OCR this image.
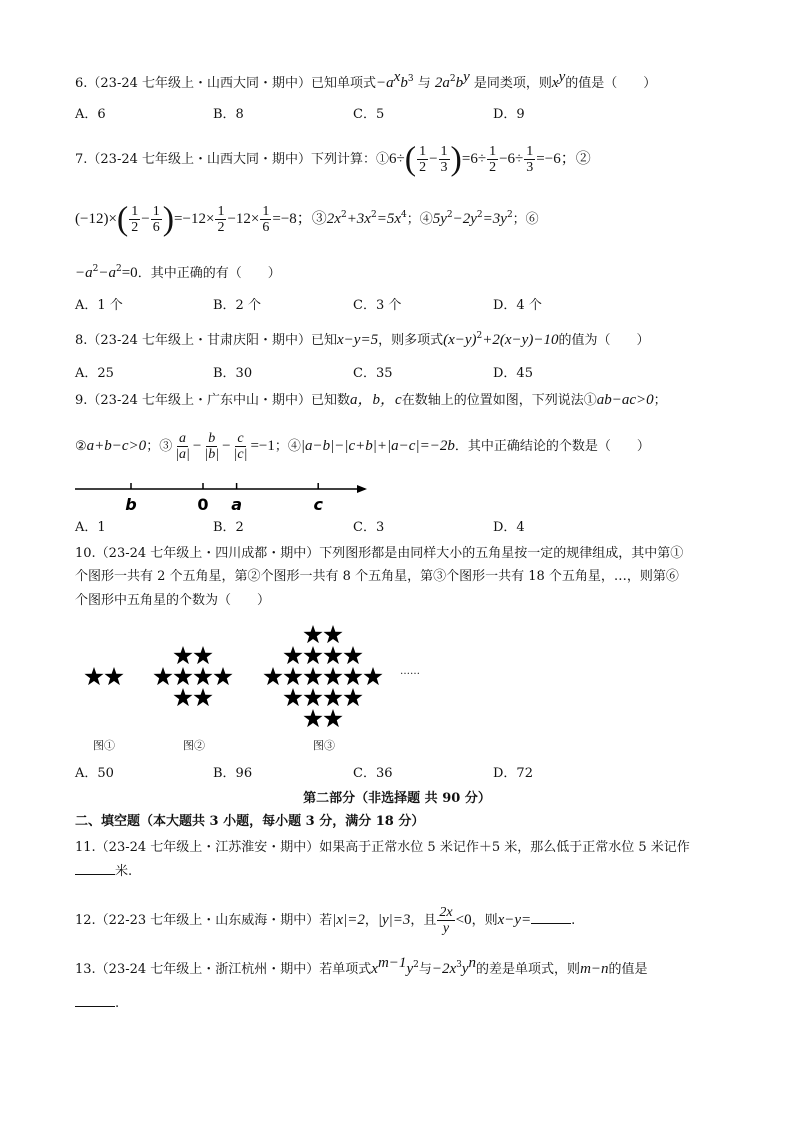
6.（23-24 七年级上・山西大同・期中）已知单项式$-a^xb^3$ 与 $2a^2b^y$ 是同类项，则$x^y$的值是（　　）
A．6	B．8	C．5	D．9
7.（23-24 七年级上・山西大同・期中）下列计算：①6÷( $\frac{1}{2} - \frac{1}{3} )=6\div \frac{1}{2} -6\div \frac{1}{3} =-6$；②
$(-12)\times( \frac{1}{2} - \frac{1}{6} )=-12\times \frac{1}{2} -12\times \frac{1}{6} =-8$；$③2x^2+3x^2=5x^4$；$④5y^2-2y^2=3y^2$；⑥
$-a^2-a^2=0$．其中正确的有（　　）
A．1 个	B．2 个	C．3 个	D．4 个
8.（23-24 七年级上・甘肃庆阳・期中）已知x−y=5，则多项式$(x-y)^2+2(x-y)-10$的值为（　　）
A．25	B．30	C．35	D．45
9.（23-24 七年级上・广东中山・期中）已知数a，b，c在数轴上的位置如图，下列说法①ab−ac>0；
②a+b−c>0；③ $\frac{a}{|a|} - \frac{b}{|b|} - \frac{c}{|c|} =-1$；④|a−b|−|c+b|+|a−c|=−2b．其中正确结论的个数是（　　）
b	0 a	c
A．1	B．2	C．3	D．4
10.（23-24 七年级上・四川成都・期中）下列图形都是由同样大小的五角星按一定的规律组成，其中第①
个图形一共有 2 个五角星，第②个图形一共有 8 个五角星，第③个图形一共有 18 个五角星，…，则第⑥
个图形中五角星的个数为（　　）
……
图①	图②	图③
A．50	B．96	C．36	D．72
第二部分（非选择题 共 90 分）
二、填空题（本大题共 3 小题，每小题 3 分，满分 18 分）
11.（23-24 七年级上・江苏淮安・期中）如果高于正常水位 5 米记作＋5 米，那么低于正常水位 5 米记作
米.
12.（22-23 七年级上・山东威海・期中）若|x|=2，|y|=3，且 $\frac{2x}{y} <0$，则x−y=	.
13.（23-24 七年级上・浙江杭州・期中）若单项式$x^{m-1}y^2$与$-2x^3y^n$的差是单项式，则m−n的值是
.
